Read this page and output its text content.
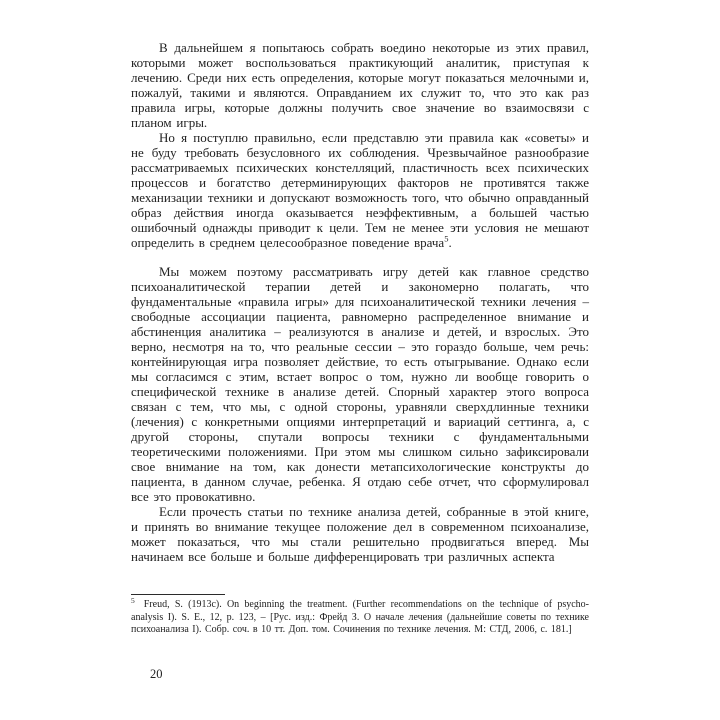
В дальнейшем я попытаюсь собрать воедино некоторые из этих правил, которыми может воспользоваться практикующий аналитик, приступая к лечению. Среди них есть определения, которые могут показаться мелочными и, пожалуй, такими и являются. Оправданием их служит то, что это как раз правила игры, которые должны получить свое значение во взаимосвязи с планом игры.

Но я поступлю правильно, если представлю эти правила как «советы» и не буду требовать безусловного их соблюдения. Чрезвычайное разнообразие рассматриваемых психических констелляций, пластичность всех психических процессов и богатство детерминирующих факторов не противятся также механизации техники и допускают возможность того, что обычно оправданный образ действия иногда оказывается неэффективным, а большей частью ошибочный однажды приводит к цели. Тем не менее эти условия не мешают определить в среднем целесообразное поведение врача$^5$.

Мы можем поэтому рассматривать игру детей как главное средство психоаналитической терапии детей и закономерно полагать, что фундаментальные «правила игры» для психоаналитической техники лечения – свободные ассоциации пациента, равномерно распределенное внимание и абстиненция аналитика – реализуются в анализе и детей, и взрослых. Это верно, несмотря на то, что реальные сессии – это гораздо больше, чем речь: контейнирующая игра позволяет действие, то есть отыгрывание. Однако если мы согласимся с этим, встает вопрос о том, нужно ли вообще говорить о специфической технике в анализе детей. Спорный характер этого вопроса связан с тем, что мы, с одной стороны, уравняли сверхдлинные техники (лечения) с конкретными опциями интерпретаций и вариаций сеттинга, а, с другой стороны, спутали вопросы техники с фундаментальными теоретическими положениями. При этом мы слишком сильно зафиксировали свое внимание на том, как донести метапсихологические конструкты до пациента, в данном случае, ребенка. Я отдаю себе отчет, что сформулировал все это провокативно.

Если прочесть статьи по технике анализа детей, собранные в этой книге, и принять во внимание текущее положение дел в современном психоанализе, может показаться, что мы стали решительно продвигаться вперед. Мы начинаем все больше и больше дифференцировать три различных аспекта

$^5$ Freud, S. (1913c). On beginning the treatment. (Further recommendations on the technique of psycho-analysis I). S. E., 12, p. 123, – [Рус. изд.: Фрейд З. О начале лечения (дальнейшие советы по технике психоанализа I). Собр. соч. в 10 тт. Доп. том. Сочинения по технике лечения. М: СТД, 2006, с. 181.]
20
